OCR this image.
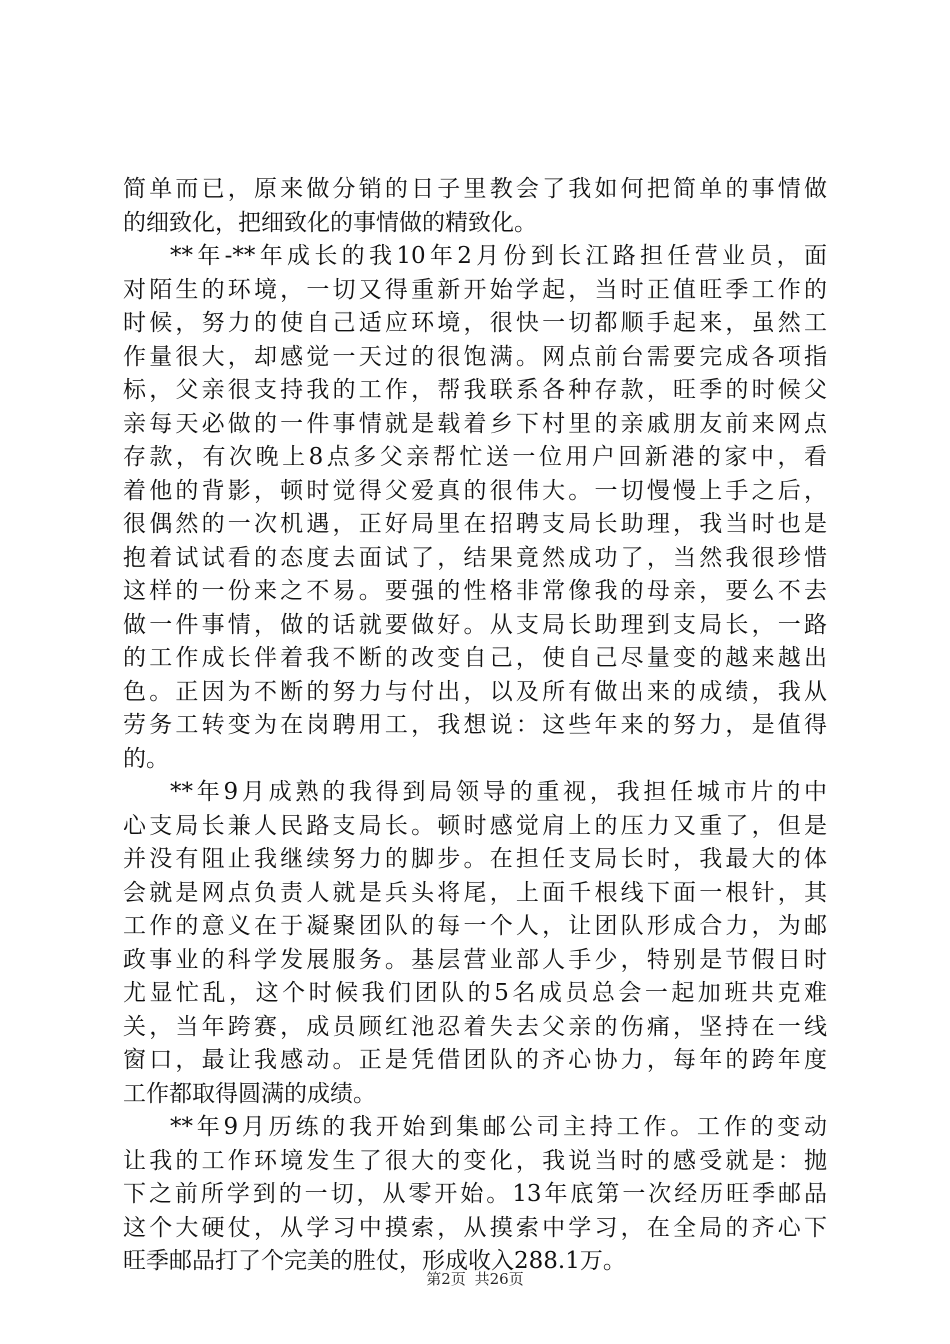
简单而已，原来做分销的日子里教会了我如何把简单的事情做
的细致化，把细致化的事情做的精致化。
**年-**年成长的我10年2月份到长江路担任营业员，面
对陌生的环境，一切又得重新开始学起，当时正值旺季工作的
时候，努力的使自己适应环境，很快一切都顺手起来，虽然工
作量很大，却感觉一天过的很饱满。网点前台需要完成各项指
标，父亲很支持我的工作，帮我联系各种存款，旺季的时候父
亲每天必做的一件事情就是载着乡下村里的亲戚朋友前来网点
存款，有次晚上8点多父亲帮忙送一位用户回新港的家中，看
着他的背影，顿时觉得父爱真的很伟大。一切慢慢上手之后，
很偶然的一次机遇，正好局里在招聘支局长助理，我当时也是
抱着试试看的态度去面试了，结果竟然成功了，当然我很珍惜
这样的一份来之不易。要强的性格非常像我的母亲，要么不去
做一件事情，做的话就要做好。从支局长助理到支局长，一路
的工作成长伴着我不断的改变自己，使自己尽量变的越来越出
色。正因为不断的努力与付出，以及所有做出来的成绩，我从
劳务工转变为在岗聘用工，我想说：这些年来的努力，是值得
的。
**年9月成熟的我得到局领导的重视，我担任城市片的中
心支局长兼人民路支局长。顿时感觉肩上的压力又重了，但是
并没有阻止我继续努力的脚步。在担任支局长时，我最大的体
会就是网点负责人就是兵头将尾，上面千根线下面一根针，其
工作的意义在于凝聚团队的每一个人，让团队形成合力，为邮
政事业的科学发展服务。基层营业部人手少，特别是节假日时
尤显忙乱，这个时候我们团队的5名成员总会一起加班共克难
关，当年跨赛，成员顾红池忍着失去父亲的伤痛，坚持在一线
窗口，最让我感动。正是凭借团队的齐心协力，每年的跨年度
工作都取得圆满的成绩。
**年9月历练的我开始到集邮公司主持工作。工作的变动
让我的工作环境发生了很大的变化，我说当时的感受就是：抛
下之前所学到的一切，从零开始。13年底第一次经历旺季邮品
这个大硬仗，从学习中摸索，从摸索中学习，在全局的齐心下
旺季邮品打了个完美的胜仗，形成收入288.1万。
第2页 共26页
